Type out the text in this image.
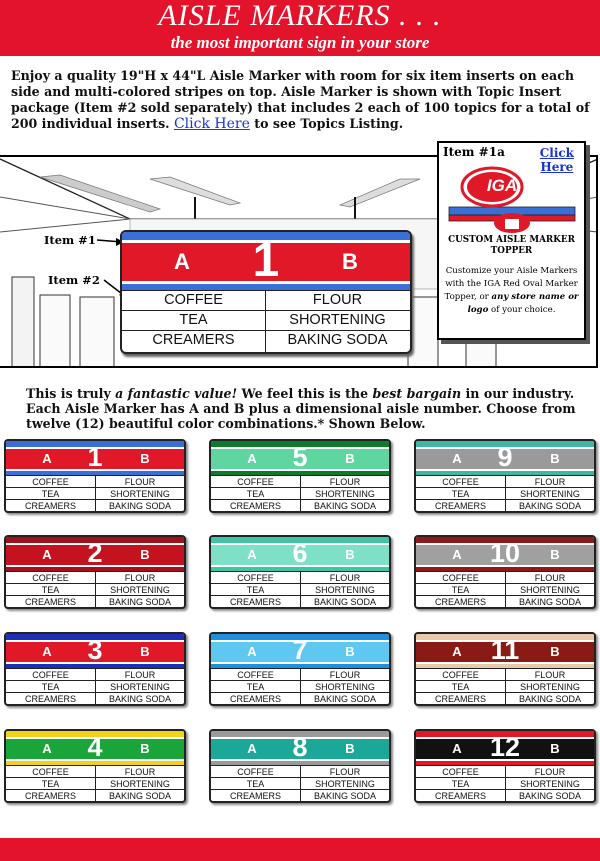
AISLE MARKERS . . .
the most important sign in your store
Enjoy a quality 19"H x 44"L Aisle Marker with room for six item inserts on each side and multi-colored stripes on top. Aisle Marker is shown with Topic Insert package (Item #2 sold separately) that includes 2 each of 100 topics for a total of 200 individual inserts. Click Here to see Topics Listing.
Item #1
Item #2
A	1	B
COFFEE	FLOUR
TEA	SHORTENING
CREAMERS	BAKING SODA
Item #1a	Click
Here
IGA
CUSTOM AISLE MARKER
TOPPER
Customize your Aisle Markers with the IGA Red Oval Marker Topper, or any store name or logo of your choice.
This is truly a fantastic value! We feel this is the best bargain in our industry. Each Aisle Marker has A and B plus a dimensional aisle number. Choose from twelve (12) beautiful color combinations.* Shown Below.
A	1	B
COFFEE	FLOUR
TEA	SHORTENING
CREAMERS	BAKING SODA
A	5	B
COFFEE	FLOUR
TEA	SHORTENING
CREAMERS	BAKING SODA
A	9	B
COFFEE	FLOUR
TEA	SHORTENING
CREAMERS	BAKING SODA
A	2	B
COFFEE	FLOUR
TEA	SHORTENING
CREAMERS	BAKING SODA
A	6	B
COFFEE	FLOUR
TEA	SHORTENING
CREAMERS	BAKING SODA
A	10	B
COFFEE	FLOUR
TEA	SHORTENING
CREAMERS	BAKING SODA
A	3	B
COFFEE	FLOUR
TEA	SHORTENING
CREAMERS	BAKING SODA
A	7	B
COFFEE	FLOUR
TEA	SHORTENING
CREAMERS	BAKING SODA
A	11	B
COFFEE	FLOUR
TEA	SHORTENING
CREAMERS	BAKING SODA
A	4	B
COFFEE	FLOUR
TEA	SHORTENING
CREAMERS	BAKING SODA
A	8	B
COFFEE	FLOUR
TEA	SHORTENING
CREAMERS	BAKING SODA
A	12	B
COFFEE	FLOUR
TEA	SHORTENING
CREAMERS	BAKING SODA
